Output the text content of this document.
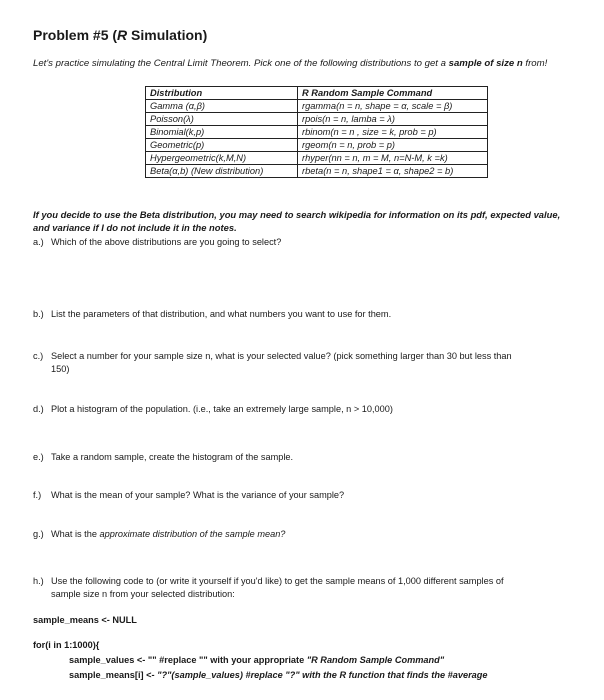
Problem #5 (R Simulation)
Let's practice simulating the Central Limit Theorem. Pick one of the following distributions to get a sample of size n from!
Distribution	R Random Sample Command
Gamma (α,β)	rgamma(n = n, shape = α, scale = β)
Poisson(λ)	rpois(n = n, lamba = λ)
Binomial(k,p)	rbinom(n = n , size = k, prob = p)
Geometric(p)	rgeom(n = n, prob = p)
Hypergeometric(k,M,N)	rhyper(nn = n, m = M, n=N-M, k =k)
Beta(α,b) (New distribution)	rbeta(n = n, shape1 = α, shape2 = b)
If you decide to use the Beta distribution, you may need to search wikipedia for information on its pdf, expected value, and variance if I do not include it in the notes.
a.) Which of the above distributions are you going to select?
b.) List the parameters of that distribution, and what numbers you want to use for them.
c.) Select a number for your sample size n, what is your selected value? (pick something larger than 30 but less than
150)
d.) Plot a histogram of the population. (i.e., take an extremely large sample, n > 10,000)
e.) Take a random sample, create the histogram of the sample.
f.) What is the mean of your sample? What is the variance of your sample?
g.) What is the approximate distribution of the sample mean?
h.) Use the following code to (or write it yourself if you'd like) to get the sample means of 1,000 different samples of
sample size n from your selected distribution:
sample_means <- NULL
for(i in 1:1000){
sample_values <- "" #replace "" with your appropriate "R Random Sample Command"
sample_means[i] <- "?"(sample_values) #replace "?" with the R function that finds the #average
